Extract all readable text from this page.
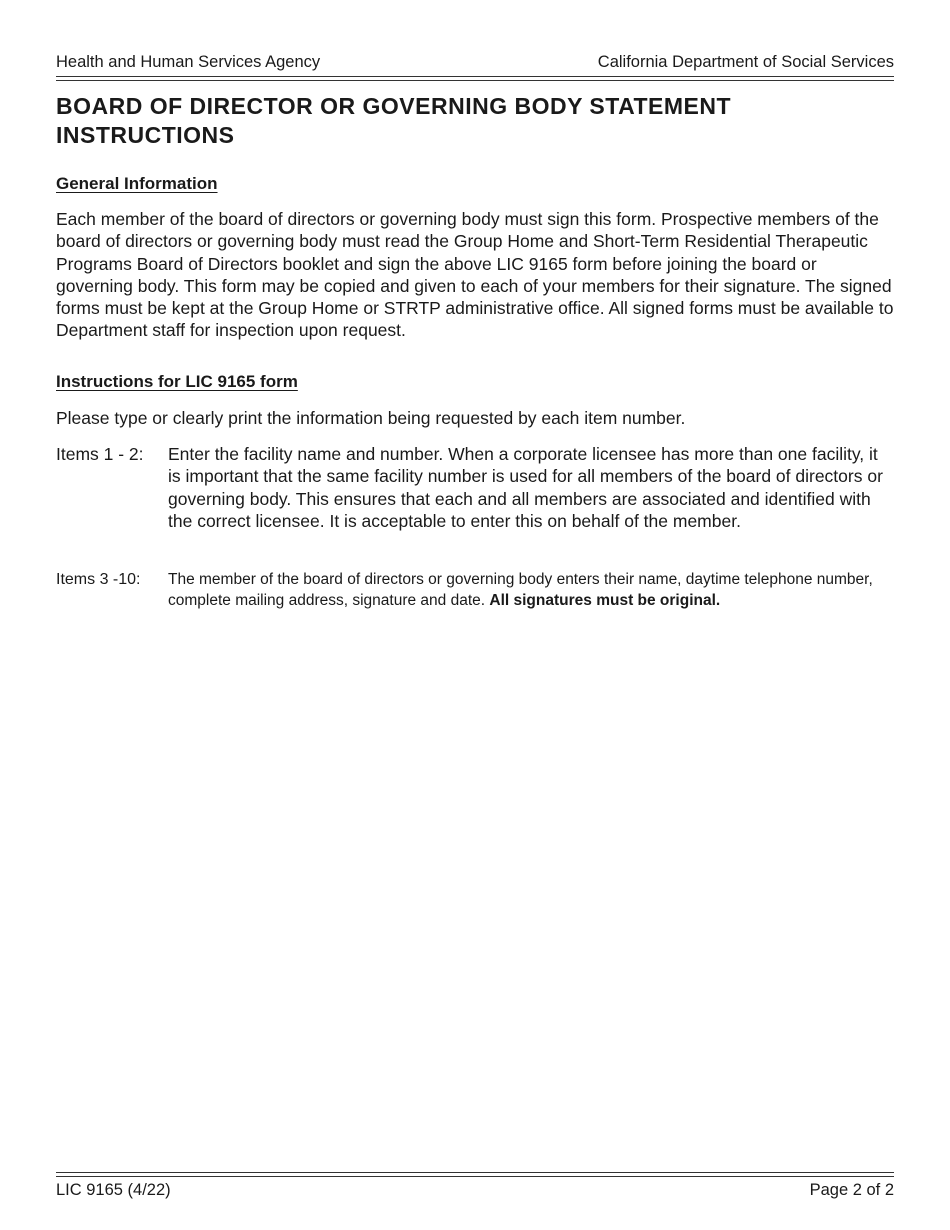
Health and Human Services Agency	California Department of Social Services
BOARD OF DIRECTOR OR GOVERNING BODY STATEMENT INSTRUCTIONS
General Information

Each member of the board of directors or governing body must sign this form. Prospective members of the board of directors or governing body must read the Group Home and Short-Term Residential Therapeutic Programs Board of Directors booklet and sign the above LIC 9165 form before joining the board or governing body. This form may be copied and given to each of your members for their signature. The signed forms must be kept at the Group Home or STRTP administrative office. All signed forms must be available to Department staff for inspection upon request.

Instructions for LIC 9165 form

Please type or clearly print the information being requested by each item number.

Items 1 - 2:	Enter the facility name and number. When a corporate licensee has more than one facility, it is important that the same facility number is used for all members of the board of directors or governing body. This ensures that each and all members are associated and identified with the correct licensee. It is acceptable to enter this on behalf of the member.
Items 3 -10:	The member of the board of directors or governing body enters their name, daytime telephone number, complete mailing address, signature and date. All signatures must be original.
LIC 9165 (4/22)	Page 2 of 2
